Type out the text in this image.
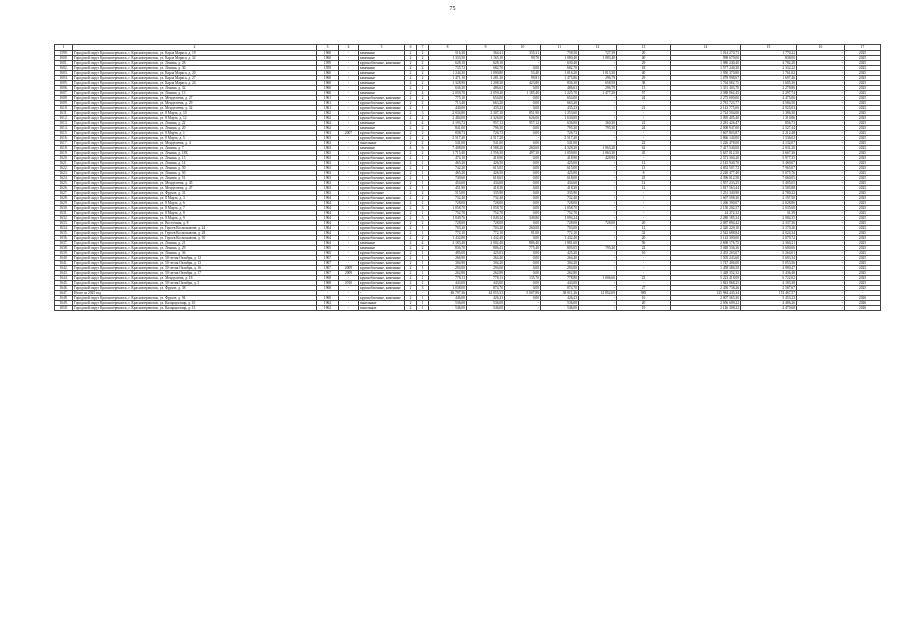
75
1	2	3	4	5	6	7	8	9	10	11	12	13	14	15	16	17
1599.	Городской округ Красноперекопск, г. Красноперекопск, ул. Карла Маркса, д. 19	1960	-	каменные	2	2	516,30	364,41	335,31	758,50	727,39	20	1 014 270,73	1 770,22	-	2025
1600.	Городской округ Красноперекопск, г. Красноперекопск, ул. Карла Маркса, д. 32	1960	-	каменные	2	2	1 333,50	1 165,10	99,70	1 080,40	1 083,40	40	998 679,00	838,00	-	2025
1601.	Городской округ Красноперекопск, г. Красноперекопск, ул. Ленина, д. 28	1959	-	крупноблочные, каменные	2	2	628,10	628,10	-	630,40	-	29	1 980 240,40	4 782,20	-	2025
1602.	Городской округ Красноперекопск, г. Красноперекопск, ул. Ленина, д. 30	1959	-	каменные	2	2	735,72	682,70	0,00	682,70	-	18	1 577 240,30	2 332,22	-	2025
1603.	Городской округ Красноперекопск, г. Красноперекопск, ул. Карла Маркса, д. 20	1960	-	каменные	2	2	1 244,30	1 090,80	53,40	1 016,20	1 013,30	40	1 950 370,80	1 761,02	-	2025
1604.	Городской округ Красноперекопск, г. Красноперекопск, ул. Карла Маркса, д. 27	1960	-	каменные	2	2	1 471,10	1 281,30	99,91	1 475,86	296,79	29	1 878 998,67	1 697,46	-	2025
1605.	Городской округ Красноперекопск, г. Красноперекопск, ул. Карла Маркса, д. 24	1960	-	каменные	2	2	1 328,90	1 208,30	423,80	836,30	658,59	38	1 764 082,75	1 605,30	-	2025
1606.	Городской округ Красноперекопск, г. Красноперекопск, ул. Ленина, д. 32	1960	-	каменные	2	1	636,30	486,63	0,00	486,63	296,79	13	1 351 403,70	2 278,86	-	2025
1607.	Городской округ Красноперекопск, г. Красноперекопск, ул. Ленина, д. 13	1960	-	каменные	2	4	2 059,70	2 059,20	1 185,40	1 225,70	1 477,20	57	2 588 062,45	2 297,74	-	2025
1608.	Городской округ Красноперекопск, г. Красноперекопск, ул. Менделеева, д. 27	1961	-	крупноблочные, каменные	2	2	775,10	654,00	0,00	654,00	-	24	2 275 000,00	4 475,06	-	2025
1609.	Городской округ Красноперекопск, г. Красноперекопск, ул. Менделеева, д. 29	1961	-	крупноблочные, каменные	2	2	713,40	663,20	0,00	663,20	-	-	2 781 723,77	4 584,50	-	2025
1610.	Городской округ Красноперекопск, г. Красноперекопск, ул. Менделеева, д. 32	1961	-	крупноблочные, каменные	2	1	440,00	435,23	0,00	435,23	-	21	2 143 775,06	4 925,03	-	2025
1611.	Городской округ Красноперекопск, г. Красноперекопск, ул. 8 Марта, д. 10	1962	-	крупноблочные, каменные	2	3	2 034,80	2 307,10	851,90	1 253,60	-	-	2 724 504,00	1 386,30	-	2025
1612.	Городской округ Красноперекопск, г. Красноперекопск, ул. 8 Марта, д. 12	1962	-	крупноблочные, каменные	2	4	2 484,00	2 326,00	626,00	1 630,00	-	-	3 095 405,40	1 310,86	-	2025
1613.	Городской округ Красноперекопск, г. Красноперекопск, ул. Ленина, д. 22	1962	-	каменные	2	4	2 193,72	957,12	957,12	636,00	360,30	21	2 281 426,47	856,71	-	2025
1614.	Городской округ Красноперекопск, г. Красноперекопск, ул. Ленина, д. 20	1962	-	каменные	2	2	841,00	796,30	0,00	795,30	795,30	24	2 008 947,00	2 527,44	-	2025
1615.	Городской округ Красноперекопск, г. Красноперекопск, ул. 8 Марта, д. 1	1963	2007	крупноблочные, каменные	2	2	838,73	726,73	0,00	726,73	-	-	1 607 803,87	2 212,48	-	2025
1616.	Городской округ Красноперекопск, г. Красноперекопск, ул. 8 Марта, д. 5	1963	-	крупноблочные, каменные	2	2	2 517,20	2 517,20	-	2 517,20	-	-	3 866 140,00	1 536,02	-	2025
1617.	Городской округ Красноперекопск, г. Красноперекопск, ул. Менделеева, д. 4	1963	-	панельные	2	2	541,00	541,00	0,00	541,00	-	22	1 226 478,00	4 132,07	-	2025
1618.	Городской округ Красноперекопск, г. Красноперекопск, ул. Ленина, д. 7	1963	-	каменные	4	6	7 408,00	4 588,20	260,60	4 328,20	1 063,20	61	7 417 540,00	2 031,20	-	2025
1619.	Городской округ Красноперекопск, г. Красноперекопск, ул. Ленина, д. 18Б	1963	-	крупноблочные, каменные	2	2	1 715,40	1 556,30	497,30	1 059,00	1 063,30	45	5 637 012,50	3 667,36	-	2025
1620.	Городской округ Красноперекопск, г. Красноперекопск, ул. Ленина, д. 15	1963	-	крупноблочные, каменные	2	1	474,10	418,90	0,00	418,90	428,90	-	2 571 304,20	5 977,35	-	2025
1621.	Городской округ Красноперекопск, г. Красноперекопск, ул. Ленина, д. 14	1963	-	крупноблочные, каменные	2	1	465,20	426,50	0,00	425,00	-	12	2 145 940,70	5 469,07	-	2025
1622.	Городской округ Красноперекопск, г. Красноперекопск, ул. Ленина, д. 50	1963	-	крупноблочные, каменные	2	1	742,20	615,05	0,00	615,00	-	13	4 852 507,72	7 965,07	-	2025
1623.	Городской округ Красноперекопск, г. Красноперекопск, ул. Ленина, д. 50	1963	-	крупноблочные, каменные	2	1	465,20	426,50	0,00	425,00	-	8	2 220 477,40	5 075,76	-	2025
1624.	Городской округ Красноперекопск, г. Красноперекопск, ул. Ленина, д. 51	1963	-	крупноблочные, каменные	2	1	740,60	618,65	0,00	618,00	-	23	4 396 012,58	7 060,05	-	2025
1625.	Городской округ Красноперекопск, г. Красноперекопск, ул. Менделеева, д. 45	1963	-	крупноблочные, каменные	2	1	454,60	434,60	0,00	434,60	-	12	1 957 233,25	5 405,05	-	2025
1626.	Городской округ Красноперекопск, г. Красноперекопск, ул. Менделеева, д. 47	1963	-	крупноблочные, каменные	2	1	451,90	418,30	0,00	418,30	-	12	1 817 563,44	3 585,88	-	2025
1627.	Городской округ Красноперекопск, г. Красноперекопск, ул. Фрунзе, д. 31	1963	-	крупноблочные	2	2	515,00	335,90	0,00	335,90	-	-	1 251 340,90	4 780,22	-	2025
1628.	Городской округ Красноперекопск, г. Красноперекопск, ул. 8 Марта, д. 3	1964	-	крупноблочные, каменные	2	2	732,40	732,40	0,00	732,40	-	-	1 607 508,30	2 197,50	-	2025
1629.	Городской округ Красноперекопск, г. Красноперекопск, ул. 8 Марта, д. 6	1964	-	крупноблочные, каменные	2	1	728,00	728,00	0,00	728,00	-	-	1 266 390,07	2 028,80	-	2025
1630.	Городской округ Красноперекопск, г. Красноперекопск, ул. 8 Марта, д. 7	1964	-	крупноблочные, каменные	2	3	1 058,70	1 058,70	0,00	1 058,70	-	-	2 150 202,57	2 035,60	-	2025
1631.	Городской округ Красноперекопск, г. Красноперекопск, ул. 8 Марта, д. 8	1964	-	крупноблочные, каменные	2	1	752,70	752,70	0,00	752,70	-	-	24 372,32	31,39	-	2025
1632.	Городской округ Красноперекопск, г. Красноперекопск, ул. 8 Марта, д. 9	1964	-	крупноблочные, каменные	2	3	1 049,76	1 049,24	349,80	1 094,24	-	-	2 280 185,34	2 084,35	-	2025
1633.	Городской округ Красноперекопск, г. Красноперекопск, ул. Восточная, д. 8	1964	-	крупноблочные, каменные	2	2	728,00	728,00	0,00	728,00	728,00	20	2 087 894,42	2 337,36	-	2025
1634.	Городской округ Красноперекопск, г. Красноперекопск, ул. Героев Космонавтов, д. 24	1964	-	крупноблочные, каменные	2	1	703,20	703,20	260,00	703,00	-	12	2 320 229,10	3 170,26	-	2025
1635.	Городской округ Красноперекопск, г. Красноперекопск, ул. Героев Космонавтов, д. 28	1964	-	крупноблочные, каменные	2	1	772,10	772,10	91,00	772,10	-	32	2 542 688,84	4 024,34	-	2025
1636.	Городской округ Красноперекопск, г. Красноперекопск, ул. Героев Космонавтов, д. 30	1964	-	крупноблочные, каменные	2	2	1 432,80	1 432,40	0,00	1 432,40	-	20	3 143 300,00	2 079,72	-	2025
1637.	Городской округ Красноперекопск, г. Красноперекопск, ул. Ленина, д. 21	1964	-	каменные	2	4	2 183,40	2 002,40	886,40	1 881,60	-	56	2 698 176,75	2 360,21	-	2025
1638.	Городской округ Красноперекопск, г. Красноперекопск, ул. Ленина, д. 29	1965	-	каменные	2	2	836,70	806,43	775,40	805,05	795,20	22	3 048 336,36	3 600,06	-	2025
1639.	Городской округ Красноперекопск, г. Красноперекопск, ул. Ленина, д. 36	1965	-	крупноблочные, каменные	2	1	485,00	425,03	0,00	425,20	-	16	2 455 203,07	5 264,01	-	2025
1640.	Городской округ Красноперекопск, г. Красноперекопск, ул. 50-летия Октября, д. 12	1967	-	крупноблочные, каменные	2	1	266,90	264,40	0,00	264,40	-	-	1 505 243,60	5 693,34	-	2025
1641.	Городской округ Красноперекопск, г. Красноперекопск, ул. 50-летия Октября, д. 13	1967	-	крупноблочные, каменные	2	1	304,90	304,20	0,00	304,20	-	-	1 747 406,00	5 053,56	-	2025
1642.	Городской округ Красноперекопск, г. Красноперекопск, ул. 50-летия Октября, д. 16	1967	2009	крупноблочные, каменные	2	1	294,00	294,00	0,00	294,00	-	-	1 458 386,50	4 980,47	-	2025
1643.	Городской округ Красноперекопск, г. Красноперекопск, ул. 50-летия Октября, д. 17	1967	2009	крупноблочные, каменные	2	1	262,80	262,80	0,00	262,80	-	-	1 428 352,32	5 436,46	-	2025
1644.	Городской округ Красноперекопск, г. Красноперекопск, ул. Менделеева, д. 18	1968	-	крупноблочные, каменные	2	1	778,13	778,13	135,70	778,80	1 006,60	23	5 223 418,09	6 722,02	-	2025
1645.	Городской округ Красноперекопск, г. Красноперекопск, ул. 50-летия Октября, д. 5	1968	2010	крупноблочные, каменные	2	1	443,00	443,00	0,00	443,00	-	-	1 843 868,25	4 183,38	-	2025
1646.	Городской округ Красноперекопск, г. Красноперекопск, ул. Фрунзе, д. 38	1968	-	крупноблочные, каменные	2	3	1 038,00	874,70	0,00	874,70	-	27	2 430 738,26	2 587,67	-	2025
1647.	Итого за 2025 год	-	-	-	-	-	46 707,36	42 055,53	5 007,88	38 811,26	12 852,69	985	125 984 445,34	174 467,57	-	-
1648.	Городской округ Красноперекопск, г. Красноперекопск, ул. Фрунзе, д. 94	1960	-	крупноблочные, каменные	2	1	446,00	426,23	0,00	426,23	-	16	2 007 365,30	5 453,23	-	2026
1649.	Городской округ Красноперекопск, г. Красноперекопск, ул. Калараунтаир, д. 10	1962	-	панельные	2	1	536,00	536,00	-	536,00	-	20	2 056 609,22	4 486,26	-	2026
1650.	Городской округ Красноперекопск, г. Красноперекопск, ул. Калараунтаир, д. 13	1962	-	панельные	2	1	546,00	546,00	-	546,00	-	19	2 146 308,22	4 470,60	-	2026
